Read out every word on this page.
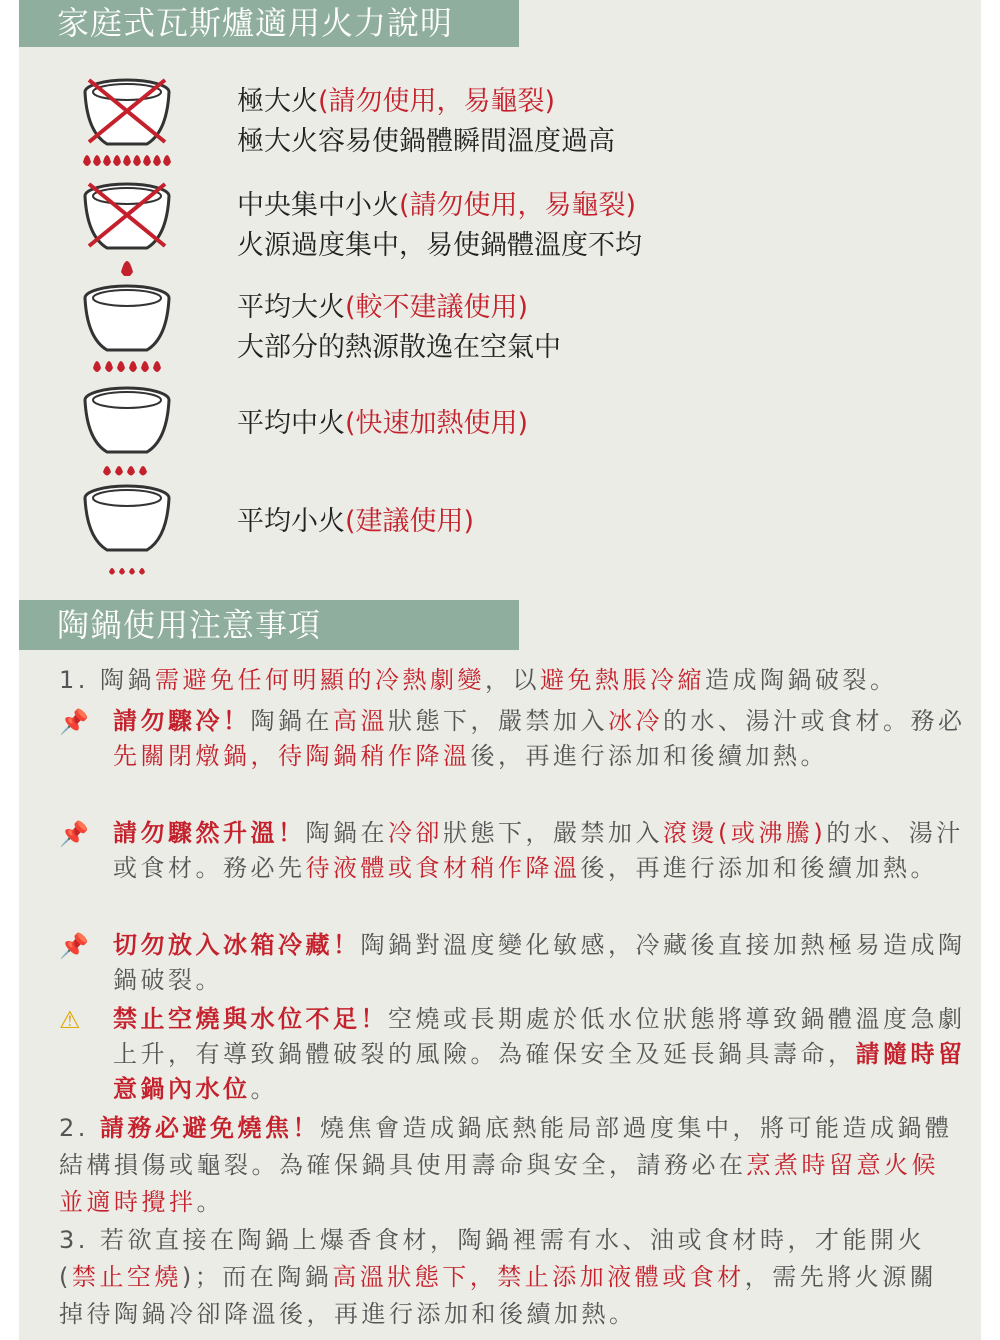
家庭式瓦斯爐適用火力說明
極大火(請勿使用，易龜裂)
極大火容易使鍋體瞬間溫度過高
中央集中小火(請勿使用，易龜裂)
火源過度集中，易使鍋體溫度不均
平均大火(較不建議使用)
大部分的熱源散逸在空氣中
平均中火(快速加熱使用)
平均小火(建議使用)
陶鍋使用注意事項
1. 陶鍋需避免任何明顯的冷熱劇變，以避免熱脹冷縮造成陶鍋破裂。
📌 請勿驟冷！陶鍋在高溫狀態下，嚴禁加入冰冷的水、湯汁或食材。務必先關閉燉鍋，待陶鍋稍作降溫後，再進行添加和後續加熱。
📌 請勿驟然升溫！陶鍋在冷卻狀態下，嚴禁加入滾燙(或沸騰)的水、湯汁或食材。務必先待液體或食材稍作降溫後，再進行添加和後續加熱。
📌 切勿放入冰箱冷藏！陶鍋對溫度變化敏感，冷藏後直接加熱極易造成陶鍋破裂。
⚠ 禁止空燒與水位不足！空燒或長期處於低水位狀態將導致鍋體溫度急劇上升，有導致鍋體破裂的風險。為確保安全及延長鍋具壽命，請隨時留意鍋內水位。
2. 請務必避免燒焦！燒焦會造成鍋底熱能局部過度集中，將可能造成鍋體結構損傷或龜裂。為確保鍋具使用壽命與安全，請務必在烹煮時留意火候並適時攪拌。
3. 若欲直接在陶鍋上爆香食材，陶鍋裡需有水、油或食材時，才能開火(禁止空燒)；而在陶鍋高溫狀態下，禁止添加液體或食材，需先將火源關掉待陶鍋冷卻降溫後，再進行添加和後續加熱。
